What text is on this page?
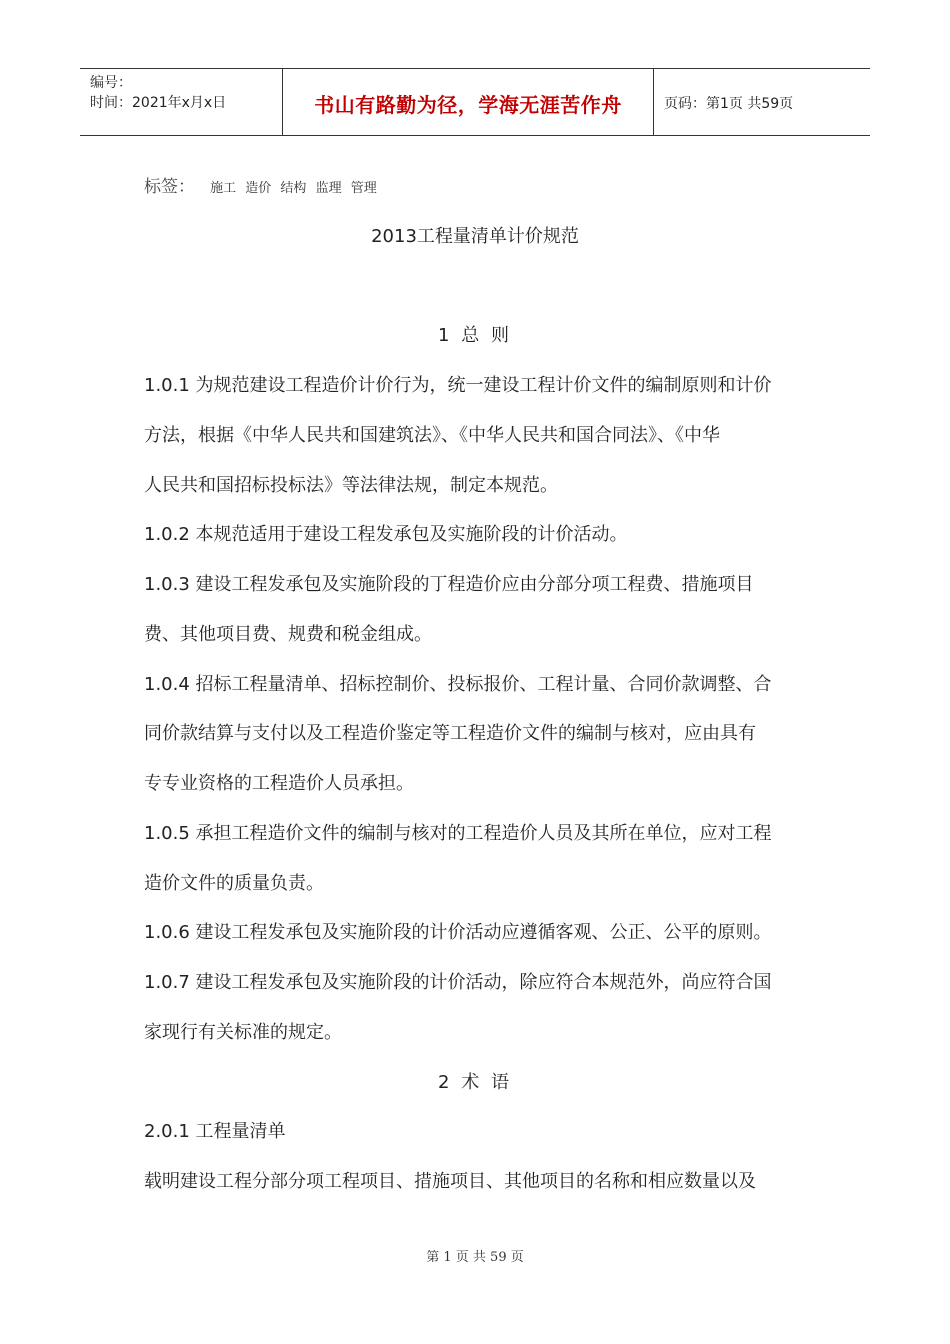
编号：
时间：2021年x月x日	书山有路勤为径，学海无涯苦作舟	页码：第1页 共59页
标签： 施工 造价 结构 监理 管理
2013工程量清单计价规范
1 总 则
1.0.1 为规范建设工程造价计价行为，统一建设工程计价文件的编制原则和计价
方法，根据《中华人民共和国建筑法》、《中华人民共和国合同法》、《中华
人民共和国招标投标法》等法律法规，制定本规范。
1.0.2 本规范适用于建设工程发承包及实施阶段的计价活动。
1.0.3 建设工程发承包及实施阶段的丁程造价应由分部分项工程费、措施项目
费、其他项目费、规费和税金组成。
1.0.4 招标工程量清单、招标控制价、投标报价、工程计量、合同价款调整、合
同价款结算与支付以及工程造价鉴定等工程造价文件的编制与核对，应由具有
专专业资格的工程造价人员承担。
1.0.5 承担工程造价文件的编制与核对的工程造价人员及其所在单位，应对工程
造价文件的质量负责。
1.0.6 建设工程发承包及实施阶段的计价活动应遵循客观、公正、公平的原则。
1.0.7 建设工程发承包及实施阶段的计价活动，除应符合本规范外，尚应符合国
家现行有关标准的规定。
2 术 语
2.0.1 工程量清单
载明建设工程分部分项工程项目、措施项目、其他项目的名称和相应数量以及
第 1 页 共 59 页
